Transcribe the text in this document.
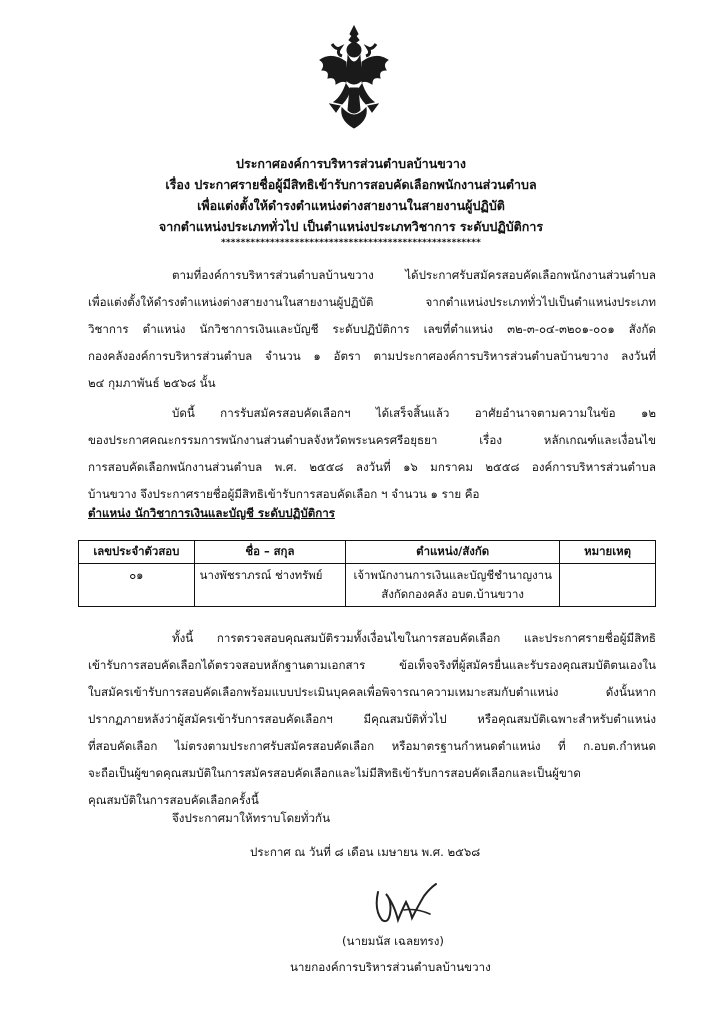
ประกาศองค์การบริหารส่วนตำบลบ้านขวาง
เรื่อง ประกาศรายชื่อผู้มีสิทธิเข้ารับการสอบคัดเลือกพนักงานส่วนตำบล
เพื่อแต่งตั้งให้ดำรงตำแหน่งต่างสายงานในสายงานผู้ปฏิบัติ
จากตำแหน่งประเภททั่วไป เป็นตำแหน่งประเภทวิชาการ ระดับปฏิบัติการ
*****************************************************
ตามที่องค์การบริหารส่วนตำบลบ้านขวาง ได้ประกาศรับสมัครสอบคัดเลือกพนักงานส่วนตำบล
เพื่อแต่งตั้งให้ดำรงตำแหน่งต่างสายงานในสายงานผู้ปฏิบัติ จากตำแหน่งประเภททั่วไปเป็นตำแหน่งประเภท
วิชาการ ตำแหน่ง นักวิชาการเงินและบัญชี ระดับปฏิบัติการ เลขที่ตำแหน่ง ๓๒-๓-๐๔-๓๒๐๑-๐๐๑ สังกัด
กองคลังองค์การบริหารส่วนตำบล จำนวน ๑ อัตรา ตามประกาศองค์การบริหารส่วนตำบลบ้านขวาง ลงวันที่
๒๔ กุมภาพันธ์ ๒๕๖๘ นั้น
บัดนี้ การรับสมัครสอบคัดเลือกฯ ได้เสร็จสิ้นแล้ว อาศัยอำนาจตามความในข้อ ๑๒
ของประกาศคณะกรรมการพนักงานส่วนตำบลจังหวัดพระนครศรีอยุธยา เรื่อง หลักเกณฑ์และเงื่อนไข
การสอบคัดเลือกพนักงานส่วนตำบล พ.ศ. ๒๕๕๘ ลงวันที่ ๑๖ มกราคม ๒๕๕๘ องค์การบริหารส่วนตำบล
บ้านขวาง จึงประกาศรายชื่อผู้มีสิทธิเข้ารับการสอบคัดเลือก ฯ จำนวน ๑ ราย คือ
ตำแหน่ง นักวิชาการเงินและบัญชี ระดับปฏิบัติการ
เลขประจำตัวสอบ	ชื่อ – สกุล	ตำแหน่ง/สังกัด	หมายเหตุ
๐๑	นางพัชราภรณ์ ช่างทรัพย์	เจ้าพนักงานการเงินและบัญชีชำนาญงาน
สังกัดกองคลัง อบต.บ้านขวาง	

ทั้งนี้ การตรวจสอบคุณสมบัติรวมทั้งเงื่อนไขในการสอบคัดเลือก และประกาศรายชื่อผู้มีสิทธิ
เข้ารับการสอบคัดเลือกได้ตรวจสอบหลักฐานตามเอกสาร ข้อเท็จจริงที่ผู้สมัครยื่นและรับรองคุณสมบัติตนเองใน
ใบสมัครเข้ารับการสอบคัดเลือกพร้อมแบบประเมินบุคคลเพื่อพิจารณาความเหมาะสมกับตำแหน่ง ดังนั้นหาก
ปรากฏภายหลังว่าผู้สมัครเข้ารับการสอบคัดเลือกฯ มีคุณสมบัติทั่วไป หรือคุณสมบัติเฉพาะสำหรับตำแหน่ง
ที่สอบคัดเลือก ไม่ตรงตามประกาศรับสมัครสอบคัดเลือก หรือมาตรฐานกำหนดตำแหน่ง ที่ ก.อบต.กำหนด
จะถือเป็นผู้ขาดคุณสมบัติในการสมัครสอบคัดเลือกและไม่มีสิทธิเข้ารับการสอบคัดเลือกและเป็นผู้ขาด
คุณสมบัติในการสอบคัดเลือกครั้งนี้
จึงประกาศมาให้ทราบโดยทั่วกัน
ประกาศ ณ วันที่ ๘ เดือน เมษายน พ.ศ. ๒๕๖๘
(นายมนัส เฉลยทรง)
นายกองค์การบริหารส่วนตำบลบ้านขวาง
